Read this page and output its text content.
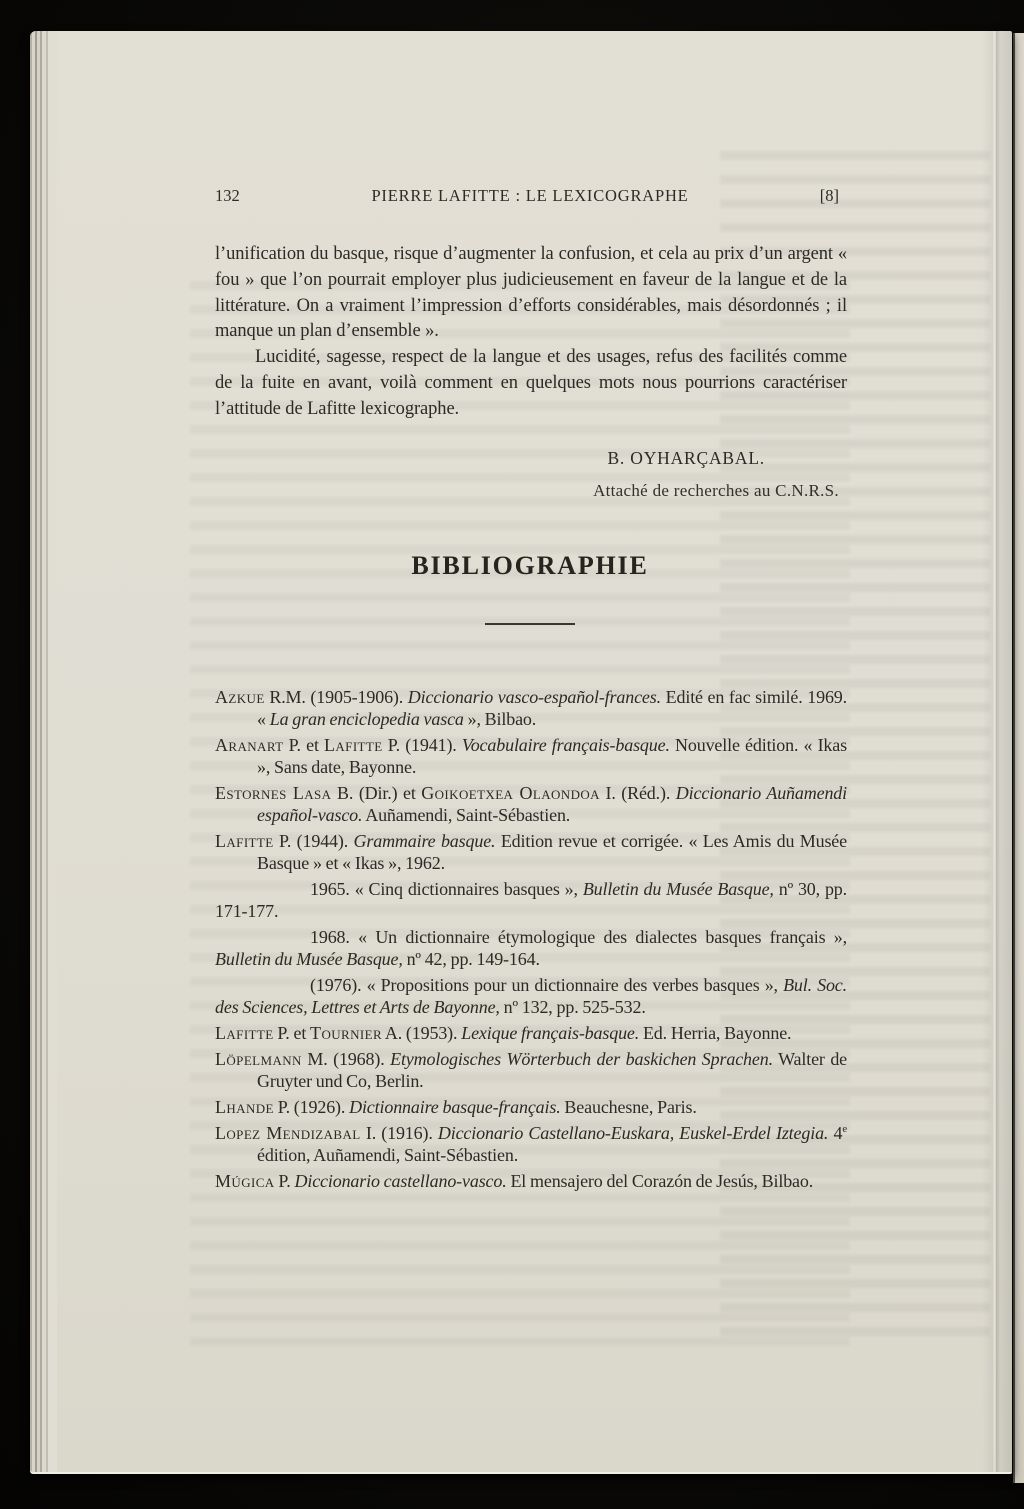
132	PIERRE LAFITTE : LE LEXICOGRAPHE	[8]

l’unification du basque, risque d’augmenter la confusion, et cela au prix d’un argent « fou » que l’on pourrait employer plus judicieusement en faveur de la langue et de la littérature. On a vraiment l’impression d’efforts considérables, mais désordonnés ; il manque un plan d’ensemble ».

Lucidité, sagesse, respect de la langue et des usages, refus des facilités comme de la fuite en avant, voilà comment en quelques mots nous pourrions caractériser l’attitude de Lafitte lexicographe.

B. OYHARÇABAL.
Attaché de recherches au C.N.R.S.
BIBLIOGRAPHIE

Azkue R.M. (1905-1906). Diccionario vasco-español-frances. Edité en fac similé. 1969. « La gran enciclopedia vasca », Bilbao.

Aranart P. et Lafitte P. (1941). Vocabulaire français-basque. Nouvelle édition. « Ikas », Sans date, Bayonne.

Estornes Lasa B. (Dir.) et Goikoetxea Olaondoa I. (Réd.). Diccionario Auñamendi español-vasco. Auñamendi, Saint-Sébastien.

Lafitte P. (1944). Grammaire basque. Edition revue et corrigée. « Les Amis du Musée Basque » et « Ikas », 1962.

1965. « Cinq dictionnaires basques », Bulletin du Musée Basque, nº 30, pp. 171-177.

1968. « Un dictionnaire étymologique des dialectes basques français », Bulletin du Musée Basque, nº 42, pp. 149-164.

(1976). « Propositions pour un dictionnaire des verbes basques », Bul. Soc. des Sciences, Lettres et Arts de Bayonne, nº 132, pp. 525-532.

Lafitte P. et Tournier A. (1953). Lexique français-basque. Ed. Herria, Bayonne.

Löpelmann M. (1968). Etymologisches Wörterbuch der baskichen Sprachen. Walter de Gruyter und Co, Berlin.

Lhande P. (1926). Dictionnaire basque-français. Beauchesne, Paris.

Lopez Mendizabal I. (1916). Diccionario Castellano-Euskara, Euskel-Erdel Iztegia. 4e édition, Auñamendi, Saint-Sébastien.

Múgica P. Diccionario castellano-vasco. El mensajero del Corazón de Jesús, Bilbao.
